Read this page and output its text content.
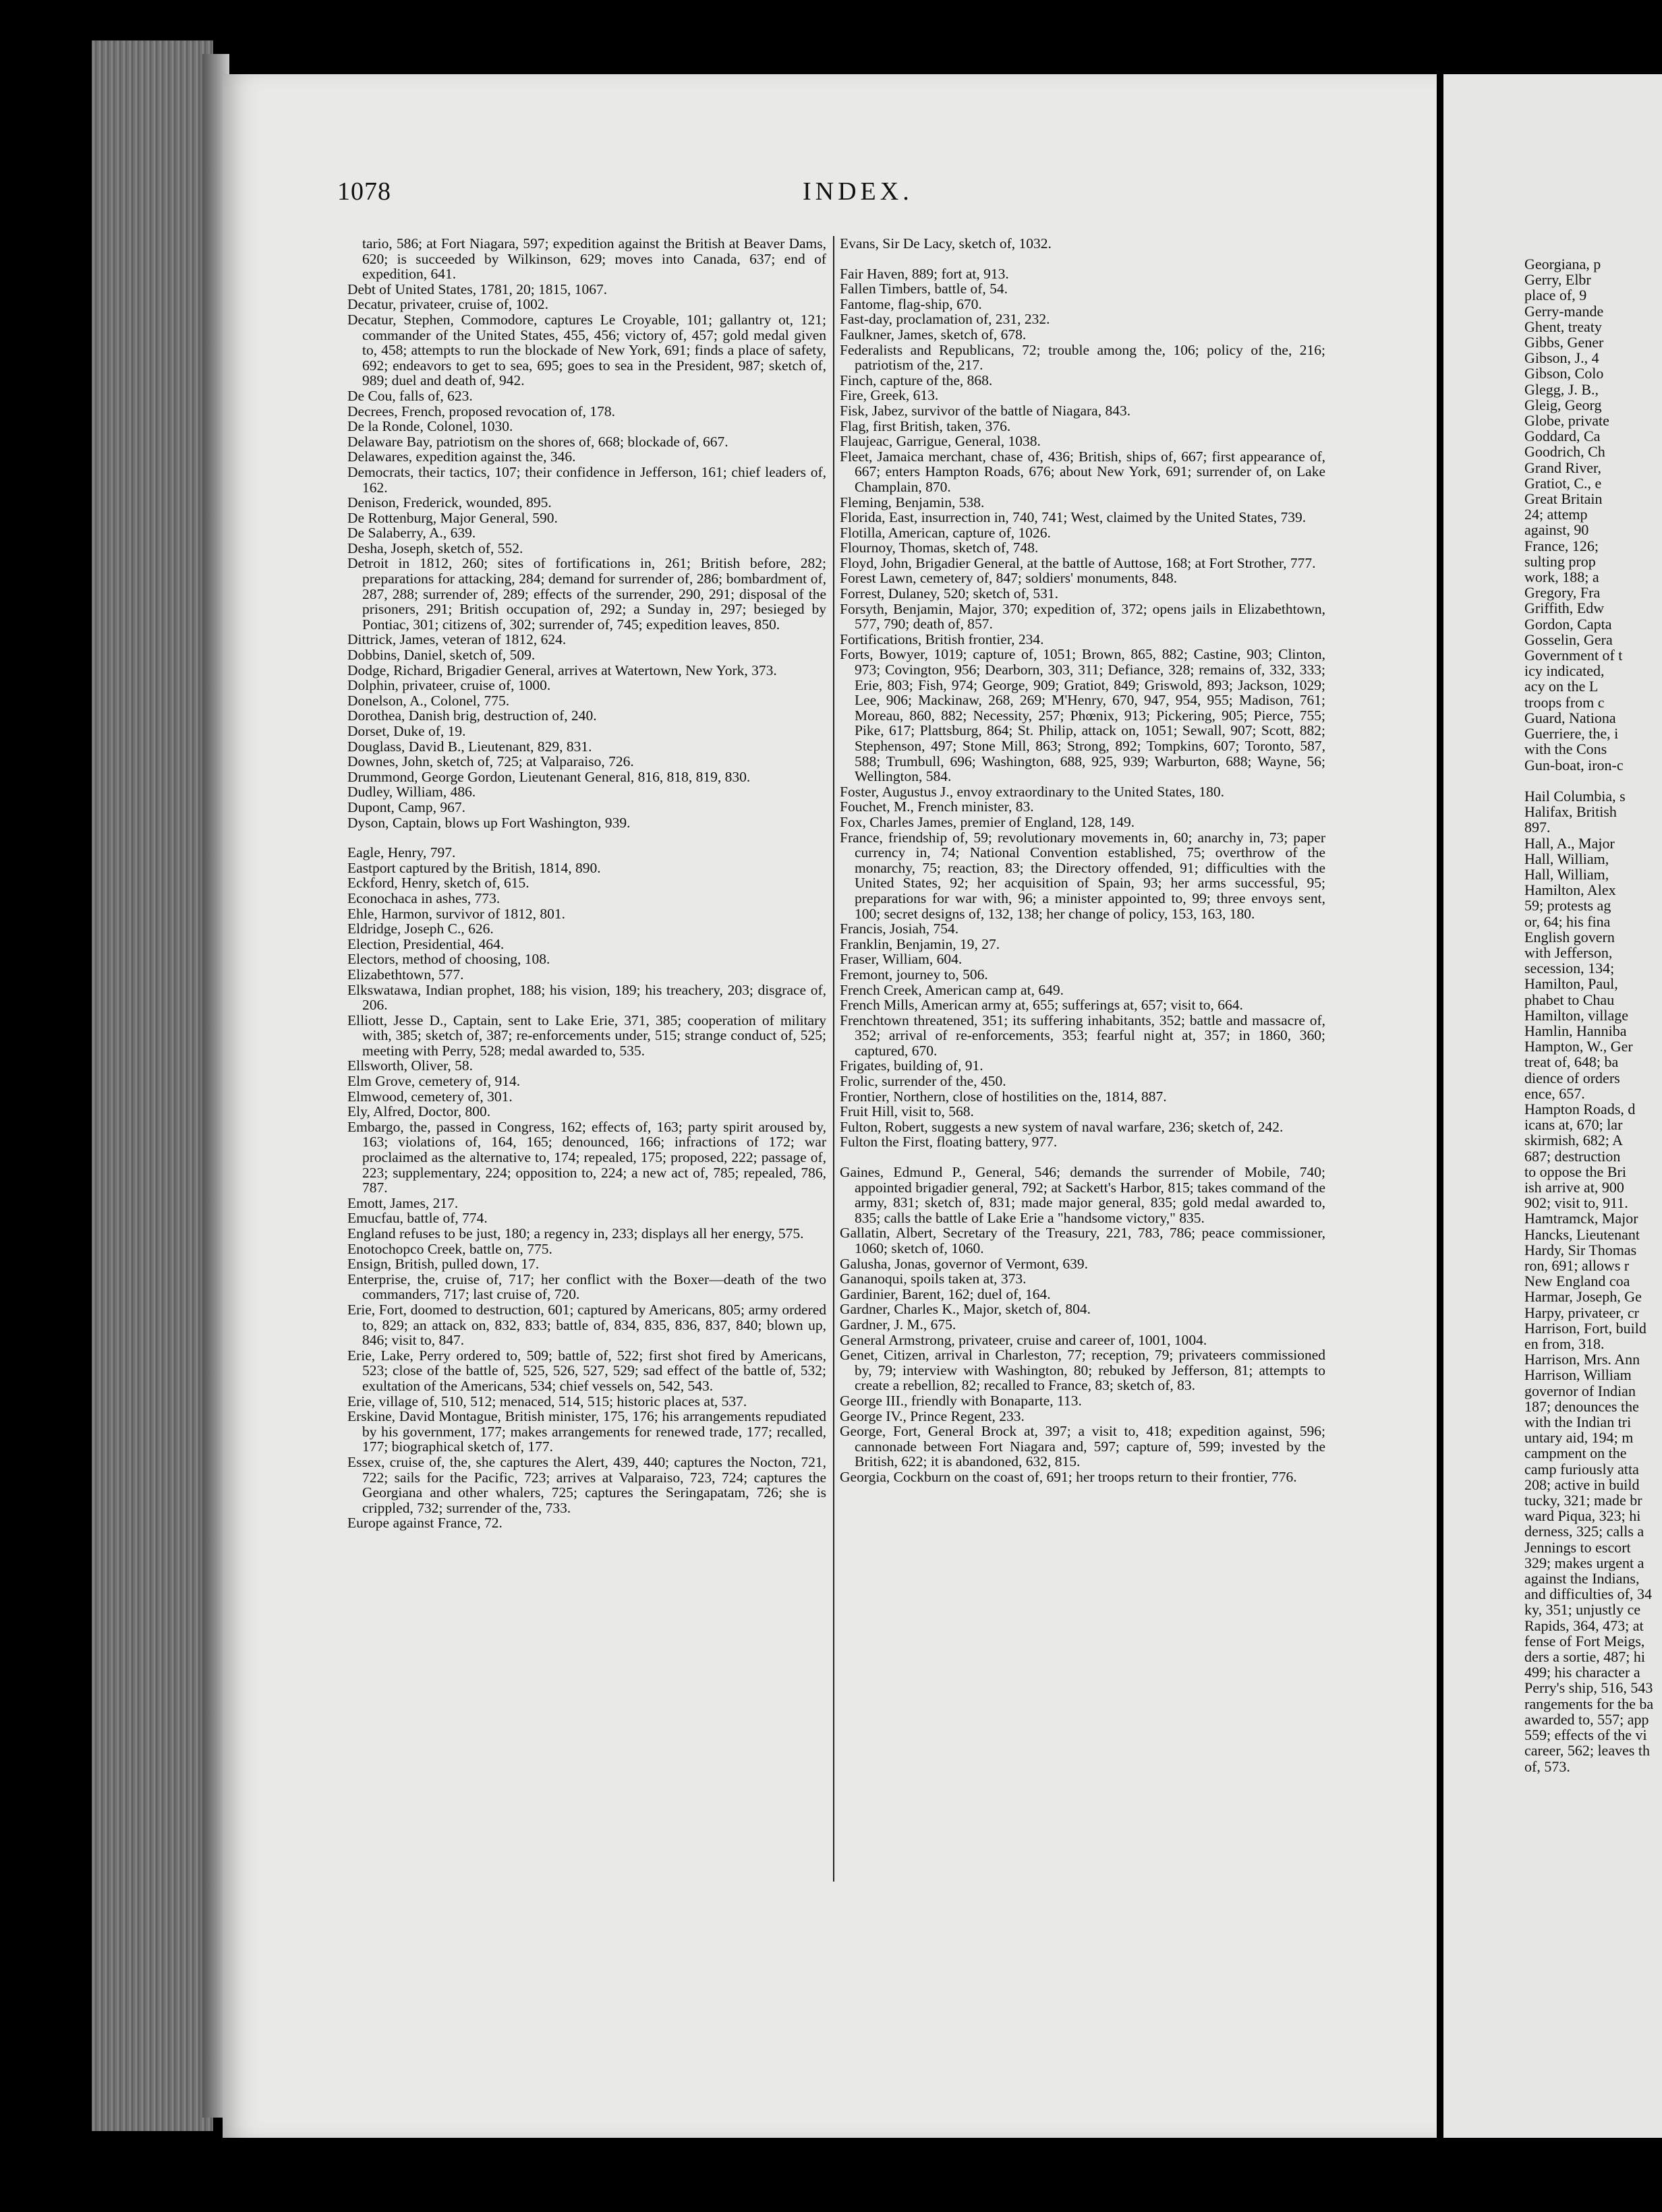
Georgiana, p
Gerry, Elbr
place of, 9
Gerry-mande
Ghent, treaty
Gibbs, Gener
Gibson, J., 4
Gibson, Colo
Glegg, J. B.,
Gleig, Georg
Globe, private
Goddard, Ca
Goodrich, Ch
Grand River,
Gratiot, C., e
Great Britain
24; attemp
against, 90
France, 126;
sulting prop
work, 188; a
Gregory, Fra
Griffith, Edw
Gordon, Capta
Gosselin, Gera
Government of t
icy indicated,
acy on the L
troops from c
Guard, Nationa
Guerriere, the, i
with the Cons
Gun-boat, iron-c

Hail Columbia, s
Halifax, British
897.
Hall, A., Major
Hall, William,
Hall, William,
Hamilton, Alex
59; protests ag
or, 64; his fina
English govern
with Jefferson,
secession, 134;
Hamilton, Paul,
phabet to Chau
Hamilton, village
Hamlin, Hanniba
Hampton, W., Ger
treat of, 648; ba
dience of orders
ence, 657.
Hampton Roads, d
icans at, 670; lar
skirmish, 682; A
687; destruction
to oppose the Bri
ish arrive at, 900
902; visit to, 911.
Hamtramck, Major
Hancks, Lieutenant
Hardy, Sir Thomas
ron, 691; allows r
New England coa
Harmar, Joseph, Ge
Harpy, privateer, cr
Harrison, Fort, build
en from, 318.
Harrison, Mrs. Ann
Harrison, William
governor of Indian
187; denounces the
with the Indian tri
untary aid, 194; m
campment on the
camp furiously atta
208; active in build
tucky, 321; made br
ward Piqua, 323; hi
derness, 325; calls a
Jennings to escort
329; makes urgent a
against the Indians,
and difficulties of, 34
ky, 351; unjustly ce
Rapids, 364, 473; at
fense of Fort Meigs,
ders a sortie, 487; hi
499; his character a
Perry's ship, 516, 543
rangements for the ba
awarded to, 557; app
559; effects of the vi
career, 562; leaves th
of, 573.
1078	INDEX.

tario, 586; at Fort Niagara, 597; expedition against the British at Beaver Dams, 620; is succeeded by Wilkinson, 629; moves into Canada, 637; end of expedition, 641.

Debt of United States, 1781, 20; 1815, 1067.

Decatur, privateer, cruise of, 1002.

Decatur, Stephen, Commodore, captures Le Croyable, 101; gallantry ot, 121; commander of the United States, 455, 456; victory of, 457; gold medal given to, 458; attempts to run the blockade of New York, 691; finds a place of safety, 692; endeavors to get to sea, 695; goes to sea in the President, 987; sketch of, 989; duel and death of, 942.

De Cou, falls of, 623.

Decrees, French, proposed revocation of, 178.

De la Ronde, Colonel, 1030.

Delaware Bay, patriotism on the shores of, 668; blockade of, 667.

Delawares, expedition against the, 346.

Democrats, their tactics, 107; their confidence in Jefferson, 161; chief leaders of, 162.

Denison, Frederick, wounded, 895.

De Rottenburg, Major General, 590.

De Salaberry, A., 639.

Desha, Joseph, sketch of, 552.

Detroit in 1812, 260; sites of fortifications in, 261; British before, 282; preparations for attacking, 284; demand for surrender of, 286; bombardment of, 287, 288; surrender of, 289; effects of the surrender, 290, 291; disposal of the prisoners, 291; British occupation of, 292; a Sunday in, 297; besieged by Pontiac, 301; citizens of, 302; surrender of, 745; expedition leaves, 850.

Dittrick, James, veteran of 1812, 624.

Dobbins, Daniel, sketch of, 509.

Dodge, Richard, Brigadier General, arrives at Watertown, New York, 373.

Dolphin, privateer, cruise of, 1000.

Donelson, A., Colonel, 775.

Dorothea, Danish brig, destruction of, 240.

Dorset, Duke of, 19.

Douglass, David B., Lieutenant, 829, 831.

Downes, John, sketch of, 725; at Valparaiso, 726.

Drummond, George Gordon, Lieutenant General, 816, 818, 819, 830.

Dudley, William, 486.

Dupont, Camp, 967.

Dyson, Captain, blows up Fort Washington, 939.

Eagle, Henry, 797.

Eastport captured by the British, 1814, 890.

Eckford, Henry, sketch of, 615.

Econochaca in ashes, 773.

Ehle, Harmon, survivor of 1812, 801.

Eldridge, Joseph C., 626.

Election, Presidential, 464.

Electors, method of choosing, 108.

Elizabethtown, 577.

Elkswatawa, Indian prophet, 188; his vision, 189; his treachery, 203; disgrace of, 206.

Elliott, Jesse D., Captain, sent to Lake Erie, 371, 385; cooperation of military with, 385; sketch of, 387; re-enforcements under, 515; strange conduct of, 525; meeting with Perry, 528; medal awarded to, 535.

Ellsworth, Oliver, 58.

Elm Grove, cemetery of, 914.

Elmwood, cemetery of, 301.

Ely, Alfred, Doctor, 800.

Embargo, the, passed in Congress, 162; effects of, 163; party spirit aroused by, 163; violations of, 164, 165; denounced, 166; infractions of 172; war proclaimed as the alternative to, 174; repealed, 175; proposed, 222; passage of, 223; supplementary, 224; opposition to, 224; a new act of, 785; repealed, 786, 787.

Emott, James, 217.

Emucfau, battle of, 774.

England refuses to be just, 180; a regency in, 233; displays all her energy, 575.

Enotochopco Creek, battle on, 775.

Ensign, British, pulled down, 17.

Enterprise, the, cruise of, 717; her conflict with the Boxer—death of the two commanders, 717; last cruise of, 720.

Erie, Fort, doomed to destruction, 601; captured by Americans, 805; army ordered to, 829; an attack on, 832, 833; battle of, 834, 835, 836, 837, 840; blown up, 846; visit to, 847.

Erie, Lake, Perry ordered to, 509; battle of, 522; first shot fired by Americans, 523; close of the battle of, 525, 526, 527, 529; sad effect of the battle of, 532; exultation of the Americans, 534; chief vessels on, 542, 543.

Erie, village of, 510, 512; menaced, 514, 515; historic places at, 537.

Erskine, David Montague, British minister, 175, 176; his arrangements repudiated by his government, 177; makes arrangements for renewed trade, 177; recalled, 177; biographical sketch of, 177.

Essex, cruise of, the, she captures the Alert, 439, 440; captures the Nocton, 721, 722; sails for the Pacific, 723; arrives at Valparaiso, 723, 724; captures the Georgiana and other whalers, 725; captures the Seringapatam, 726; she is crippled, 732; surrender of the, 733.

Europe against France, 72.

Evans, Sir De Lacy, sketch of, 1032.

Fair Haven, 889; fort at, 913.

Fallen Timbers, battle of, 54.

Fantome, flag-ship, 670.

Fast-day, proclamation of, 231, 232.

Faulkner, James, sketch of, 678.

Federalists and Republicans, 72; trouble among the, 106; policy of the, 216; patriotism of the, 217.

Finch, capture of the, 868.

Fire, Greek, 613.

Fisk, Jabez, survivor of the battle of Niagara, 843.

Flag, first British, taken, 376.

Flaujeac, Garrigue, General, 1038.

Fleet, Jamaica merchant, chase of, 436; British, ships of, 667; first appearance of, 667; enters Hampton Roads, 676; about New York, 691; surrender of, on Lake Champlain, 870.

Fleming, Benjamin, 538.

Florida, East, insurrection in, 740, 741; West, claimed by the United States, 739.

Flotilla, American, capture of, 1026.

Flournoy, Thomas, sketch of, 748.

Floyd, John, Brigadier General, at the battle of Auttose, 168; at Fort Strother, 777.

Forest Lawn, cemetery of, 847; soldiers' monuments, 848.

Forrest, Dulaney, 520; sketch of, 531.

Forsyth, Benjamin, Major, 370; expedition of, 372; opens jails in Elizabethtown, 577, 790; death of, 857.

Fortifications, British frontier, 234.

Forts, Bowyer, 1019; capture of, 1051; Brown, 865, 882; Castine, 903; Clinton, 973; Covington, 956; Dearborn, 303, 311; Defiance, 328; remains of, 332, 333; Erie, 803; Fish, 974; George, 909; Gratiot, 849; Griswold, 893; Jackson, 1029; Lee, 906; Mackinaw, 268, 269; M'Henry, 670, 947, 954, 955; Madison, 761; Moreau, 860, 882; Necessity, 257; Phœnix, 913; Pickering, 905; Pierce, 755; Pike, 617; Plattsburg, 864; St. Philip, attack on, 1051; Sewall, 907; Scott, 882; Stephenson, 497; Stone Mill, 863; Strong, 892; Tompkins, 607; Toronto, 587, 588; Trumbull, 696; Washington, 688, 925, 939; Warburton, 688; Wayne, 56; Wellington, 584.

Foster, Augustus J., envoy extraordinary to the United States, 180.

Fouchet, M., French minister, 83.

Fox, Charles James, premier of England, 128, 149.

France, friendship of, 59; revolutionary movements in, 60; anarchy in, 73; paper currency in, 74; National Convention established, 75; overthrow of the monarchy, 75; reaction, 83; the Directory offended, 91; difficulties with the United States, 92; her acquisition of Spain, 93; her arms successful, 95; preparations for war with, 96; a minister appointed to, 99; three envoys sent, 100; secret designs of, 132, 138; her change of policy, 153, 163, 180.

Francis, Josiah, 754.

Franklin, Benjamin, 19, 27.

Fraser, William, 604.

Fremont, journey to, 506.

French Creek, American camp at, 649.

French Mills, American army at, 655; sufferings at, 657; visit to, 664.

Frenchtown threatened, 351; its suffering inhabitants, 352; battle and massacre of, 352; arrival of re-enforcements, 353; fearful night at, 357; in 1860, 360; captured, 670.

Frigates, building of, 91.

Frolic, surrender of the, 450.

Frontier, Northern, close of hostilities on the, 1814, 887.

Fruit Hill, visit to, 568.

Fulton, Robert, suggests a new system of naval warfare, 236; sketch of, 242.

Fulton the First, floating battery, 977.

Gaines, Edmund P., General, 546; demands the surrender of Mobile, 740; appointed brigadier general, 792; at Sackett's Harbor, 815; takes command of the army, 831; sketch of, 831; made major general, 835; gold medal awarded to, 835; calls the battle of Lake Erie a "handsome victory," 835.

Gallatin, Albert, Secretary of the Treasury, 221, 783, 786; peace commissioner, 1060; sketch of, 1060.

Galusha, Jonas, governor of Vermont, 639.

Gananoqui, spoils taken at, 373.

Gardinier, Barent, 162; duel of, 164.

Gardner, Charles K., Major, sketch of, 804.

Gardner, J. M., 675.

General Armstrong, privateer, cruise and career of, 1001, 1004.

Genet, Citizen, arrival in Charleston, 77; reception, 79; privateers commissioned by, 79; interview with Washington, 80; rebuked by Jefferson, 81; attempts to create a rebellion, 82; recalled to France, 83; sketch of, 83.

George III., friendly with Bonaparte, 113.

George IV., Prince Regent, 233.

George, Fort, General Brock at, 397; a visit to, 418; expedition against, 596; cannonade between Fort Niagara and, 597; capture of, 599; invested by the British, 622; it is abandoned, 632, 815.

Georgia, Cockburn on the coast of, 691; her troops return to their frontier, 776.
